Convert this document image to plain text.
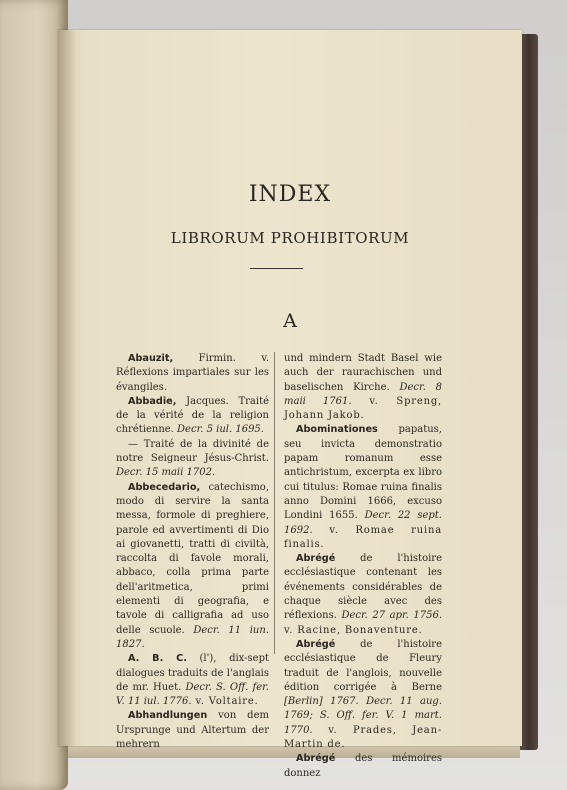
INDEX
LIBRORUM PROHIBITORUM
A

Abauzit, Firmin. v. Réflexions impartiales sur les évangiles.

Abbadie, Jacques. Traité de la vérité de la religion chrétienne. Decr. 5 iul. 1695.

— Traité de la divinité de notre Seigneur Jésus-Christ. Decr. 15 maii 1702.

Abbecedario, catechismo, modo di servire la santa messa, formole di preghiere, parole ed avvertimenti di Dio ai giovanetti, tratti di civiltà, raccolta di favole morali, abbaco, colla prima parte dell'aritmetica, primi elementi di geografia, e tavole di calligrafia ad uso delle scuole. Decr. 11 iun. 1827.

A. B. C. (l'), dix-sept dialogues traduits de l'anglais de mr. Huet. Decr. S. Off. fer. V. 11 iul. 1776. v. Voltaire.

Abhandlungen von dem Ursprunge und Altertum der mehrern

und mindern Stadt Basel wie auch der raurachischen und baselischen Kirche. Decr. 8 maii 1761. v. Spreng, Johann Jakob.

Abominationes papatus, seu invicta demonstratio papam romanum esse antichristum, excerpta ex libro cui titulus: Romae ruina finalis anno Domini 1666, excuso Londini 1655. Decr. 22 sept. 1692. v. Romae ruina finalis.

Abrégé de l'histoire ecclésiastique contenant les événements considérables de chaque siècle avec des réflexions. Decr. 27 apr. 1756. v. Racine, Bonaventure.

Abrégé de l'histoire ecclésiastique de Fleury traduit de l'anglois, nouvelle édition corrigée à Berne [Berlin] 1767. Decr. 11 aug. 1769; S. Off. fer. V. 1 mart. 1770. v. Prades, Jean-Martin de.

Abrégé des mémoires donnez
